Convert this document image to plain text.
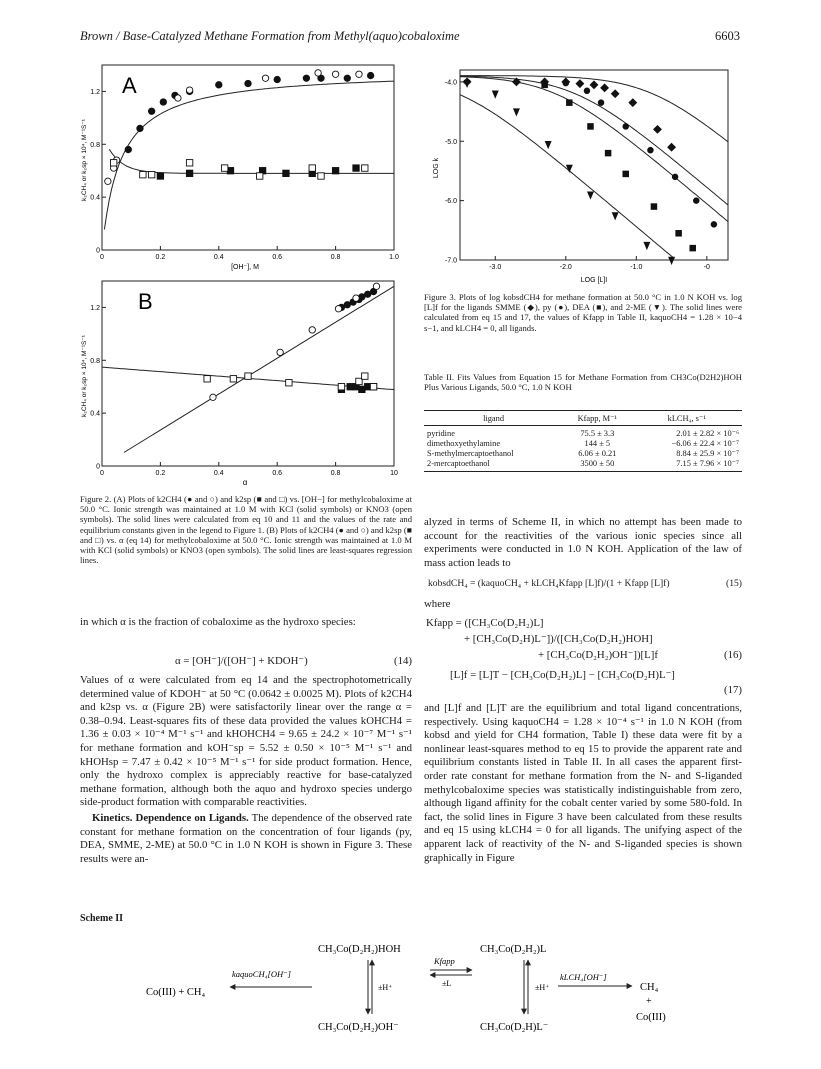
Brown / Base-Catalyzed Methane Formation from Methyl(aquo)cobaloxime	6603
A
[OH⁻], M
k₂CH₄ or k₂sp × 10⁴, M⁻¹S⁻¹
0	0.2	0.4	0.6	0.8	1.0
0
0.4
0.8
1.2
B
α
k₂CH₄ or k₂sp × 10⁴, M⁻¹S⁻¹
0	0.2	0.4	0.6	0.8	10
0
0.4
0.8
1.2
Figure 2. (A) Plots of k2CH4 (● and ○) and k2sp (■ and □) vs. [OH−] for methylcobaloxime at 50.0 °C. Ionic strength was maintained at 1.0 M with KCl (solid symbols) or KNO3 (open symbols). The solid lines were calculated from eq 10 and 11 and the values of the rate and equilibrium constants given in the legend to Figure 1. (B) Plots of k2CH4 (● and ○) and k2sp (■ and □) vs. α (eq 14) for methylcobaloxime at 50.0 °C. Ionic strength was maintained at 1.0 M with KCl (solid symbols) or KNO3 (open symbols). The solid lines are least-squares regression lines.
LOG [L]I
LOG k
-3.0	-2.0	-1.0	-0
-4.0
-5.0
-6.0
-7.0
Figure 3. Plots of log kobsdCH4 for methane formation at 50.0 °C in 1.0 N KOH vs. log [L]f for the ligands SMME (◆), py (●), DEA (■), and 2-ME (▼). The solid lines were calculated from eq 15 and 17, the values of Kfapp in Table II, kaquoCH4 = 1.28 × 10−4 s−1, and kLCH4 = 0, all ligands.
Table II. Fits Values from Equation 15 for Methane Formation from CH3Co(D2H2)HOH Plus Various Ligands, 50.0 °C, 1.0 N KOH
ligand	Kfapp, M⁻¹	kLCH₄, s⁻¹
pyridine	75.5 ± 3.3	2.01 ± 2.82 × 10⁻⁶
dimethoxyethylamine	144 ± 5	−6.06 ± 22.4 × 10⁻⁷
S-methylmercaptoethanol	6.06 ± 0.21	8.84 ± 25.9 × 10⁻⁷
2-mercaptoethanol	3500 ± 50	7.15 ± 7.96 × 10⁻⁷
in which α is the fraction of cobaloxime as the hydroxo species:
α = [OH⁻]/([OH⁻] + KDOH⁻)	(14)
Values of α were calculated from eq 14 and the spectrophotometrically determined value of KDOH⁻ at 50 °C (0.0642 ± 0.0025 M). Plots of k2CH4 and k2sp vs. α (Figure 2B) were satisfactorily linear over the range α = 0.38–0.94. Least-squares fits of these data provided the values kOHCH4 = 1.36 ± 0.03 × 10⁻⁴ M⁻¹ s⁻¹ and kHOHCH4 = 9.65 ± 24.2 × 10⁻⁷ M⁻¹ s⁻¹ for methane formation and kOH⁻sp = 5.52 ± 0.50 × 10⁻⁵ M⁻¹ s⁻¹ and kHOHsp = 7.47 ± 0.42 × 10⁻⁵ M⁻¹ s⁻¹ for side product formation. Hence, only the hydroxo complex is appreciably reactive for base-catalyzed methane formation, although both the aquo and hydroxo species undergo side-product formation with comparable reactivities.
Kinetics. Dependence on Ligands. The dependence of the observed rate constant for methane formation on the concentration of four ligands (py, DEA, SMME, 2-ME) at 50.0 °C in 1.0 N KOH is shown in Figure 3. These results were an-
alyzed in terms of Scheme II, in which no attempt has been made to account for the reactivities of the various ionic species since all experiments were conducted in 1.0 N KOH. Application of the law of mass action leads to
kobsdCH₄ = (kaquoCH₄ + kLCH₄Kfapp [L]f)/(1 + Kfapp [L]f)	(15)
where
Kfapp = ([CH₃Co(D₂H₂)L]
+ [CH₃Co(D₂H)L⁻])/([CH₃Co(D₂H₂)HOH]
+ [CH₃Co(D₂H₂)OH⁻])[L]f	(16)
[L]f = [L]T − [CH₃Co(D₂H₂)L] − [CH₃Co(D₂H)L⁻]
(17)
and [L]f and [L]T are the equilibrium and total ligand concentrations, respectively. Using kaquoCH4 = 1.28 × 10⁻⁴ s⁻¹ in 1.0 N KOH (from kobsd and yield for CH4 formation, Table I) these data were fit by a nonlinear least-squares method to eq 15 to provide the apparent rate and equilibrium constants listed in Table II. In all cases the apparent first-order rate constant for methane formation from the N- and S-liganded methylcobaloxime species was statistically indistinguishable from zero, although ligand affinity for the cobalt center varied by some 580-fold. In fact, the solid lines in Figure 3 have been calculated from these results and eq 15 using kLCH4 = 0 for all ligands. The unifying aspect of the apparent lack of reactivity of the N- and S-liganded species is shown graphically in Figure
Scheme II
Co(III) + CH₄
kaquoCH₄[OH⁻]
CH₃Co(D₂H₂)HOH
CH₃Co(D₂H₂)OH⁻
±H⁺
Kfapp
±L
CH₃Co(D₂H₂)L
CH₃Co(D₂H)L⁻
±H⁺
kLCH₄[OH⁻]
CH₄
+
Co(III)
